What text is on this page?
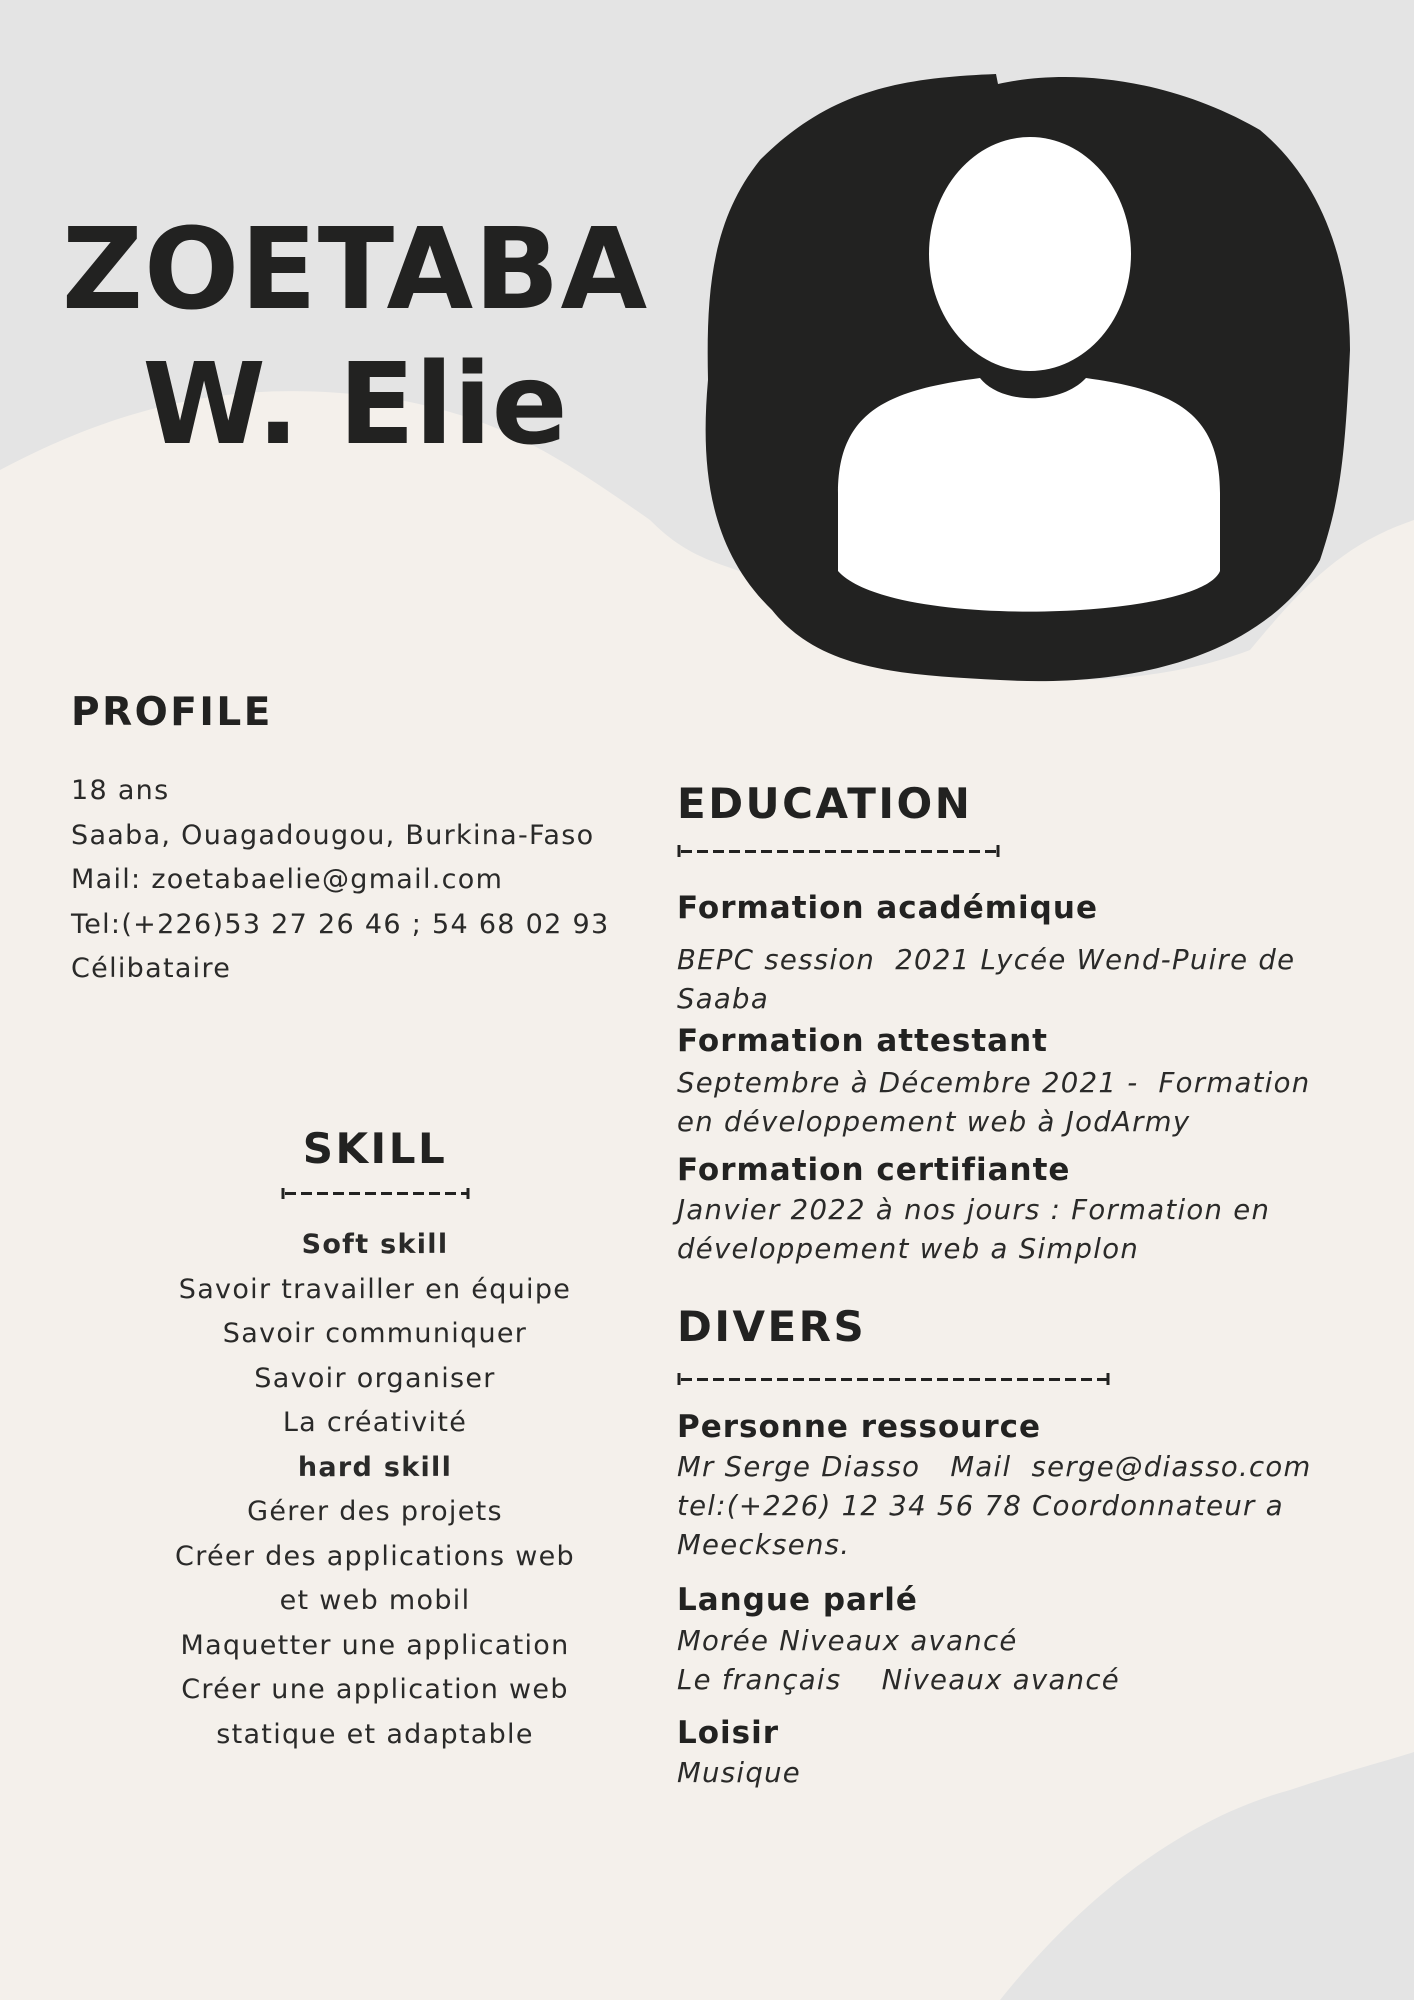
ZOETABA
W. Elie
PROFILE
18 ans
Saaba, Ouagadougou, Burkina-Faso
Mail: zoetabaelie@gmail.com
Tel:(+226)53 27 26 46 ; 54 68 02 93
Célibataire
SKILL
Soft skill
Savoir travailler en équipe
Savoir communiquer
Savoir organiser
La créativité
hard skill
Gérer des projets
Créer des applications web
et web mobil
Maquetter une application
Créer une application web
statique et adaptable
EDUCATION
Formation académique
BEPC session  2021 Lycée Wend-Puire de
Saaba
Formation attestant
Septembre à Décembre 2021 -  Formation
en développement web à JodArmy
Formation certifiante
Janvier 2022 à nos jours : Formation en
développement web a Simplon
DIVERS
Personne ressource
Mr Serge Diasso   Mail  serge@diasso.com
tel:(+226) 12 34 56 78 Coordonnateur a
Meecksens.
Langue parlé
Morée Niveaux avancé
Le français    Niveaux avancé
Loisir
Musique
